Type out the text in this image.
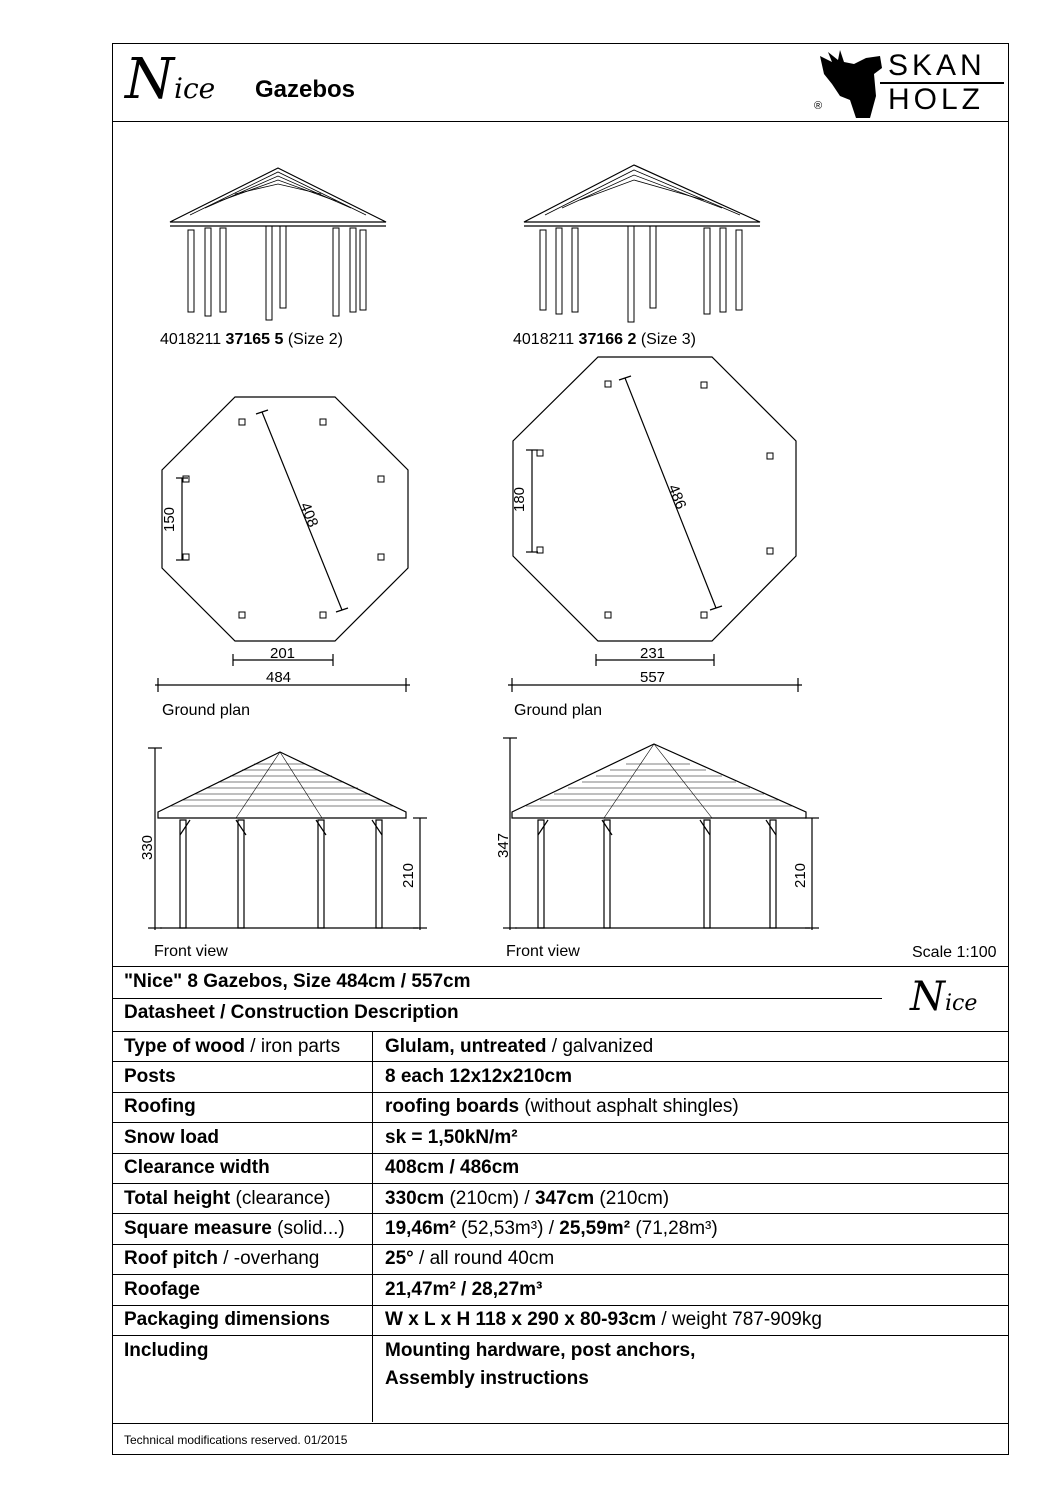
Nice Gazebos
SKAN
HOLZ
®
408
150
201
484
486
180
231
557
330
210
347
210
4018211 37165 5 (Size 2)	4018211 37166 2 (Size 3)
Ground plan	Ground plan
Front view	Front view	Scale 1:100
"Nice" 8 Gazebos, Size 484cm / 557cm
Datasheet / Construction Description	Nice
Type of wood / iron parts	Glulam, untreated / galvanized
Posts	8 each 12x12x210cm
Roofing	roofing boards (without asphalt shingles)
Snow load	sk = 1,50kN/m²
Clearance width	408cm / 486cm
Total height (clearance)	330cm (210cm) / 347cm (210cm)
Square measure (solid...)	19,46m² (52,53m³) / 25,59m² (71,28m³)
Roof pitch / -overhang	25° / all round 40cm
Roofage	21,47m² / 28,27m³
Packaging dimensions	W x L x H 118 x 290 x 80-93cm / weight 787-909kg
Including	Mounting hardware, post anchors,
Assembly instructions
Technical modifications reserved. 01/2015
